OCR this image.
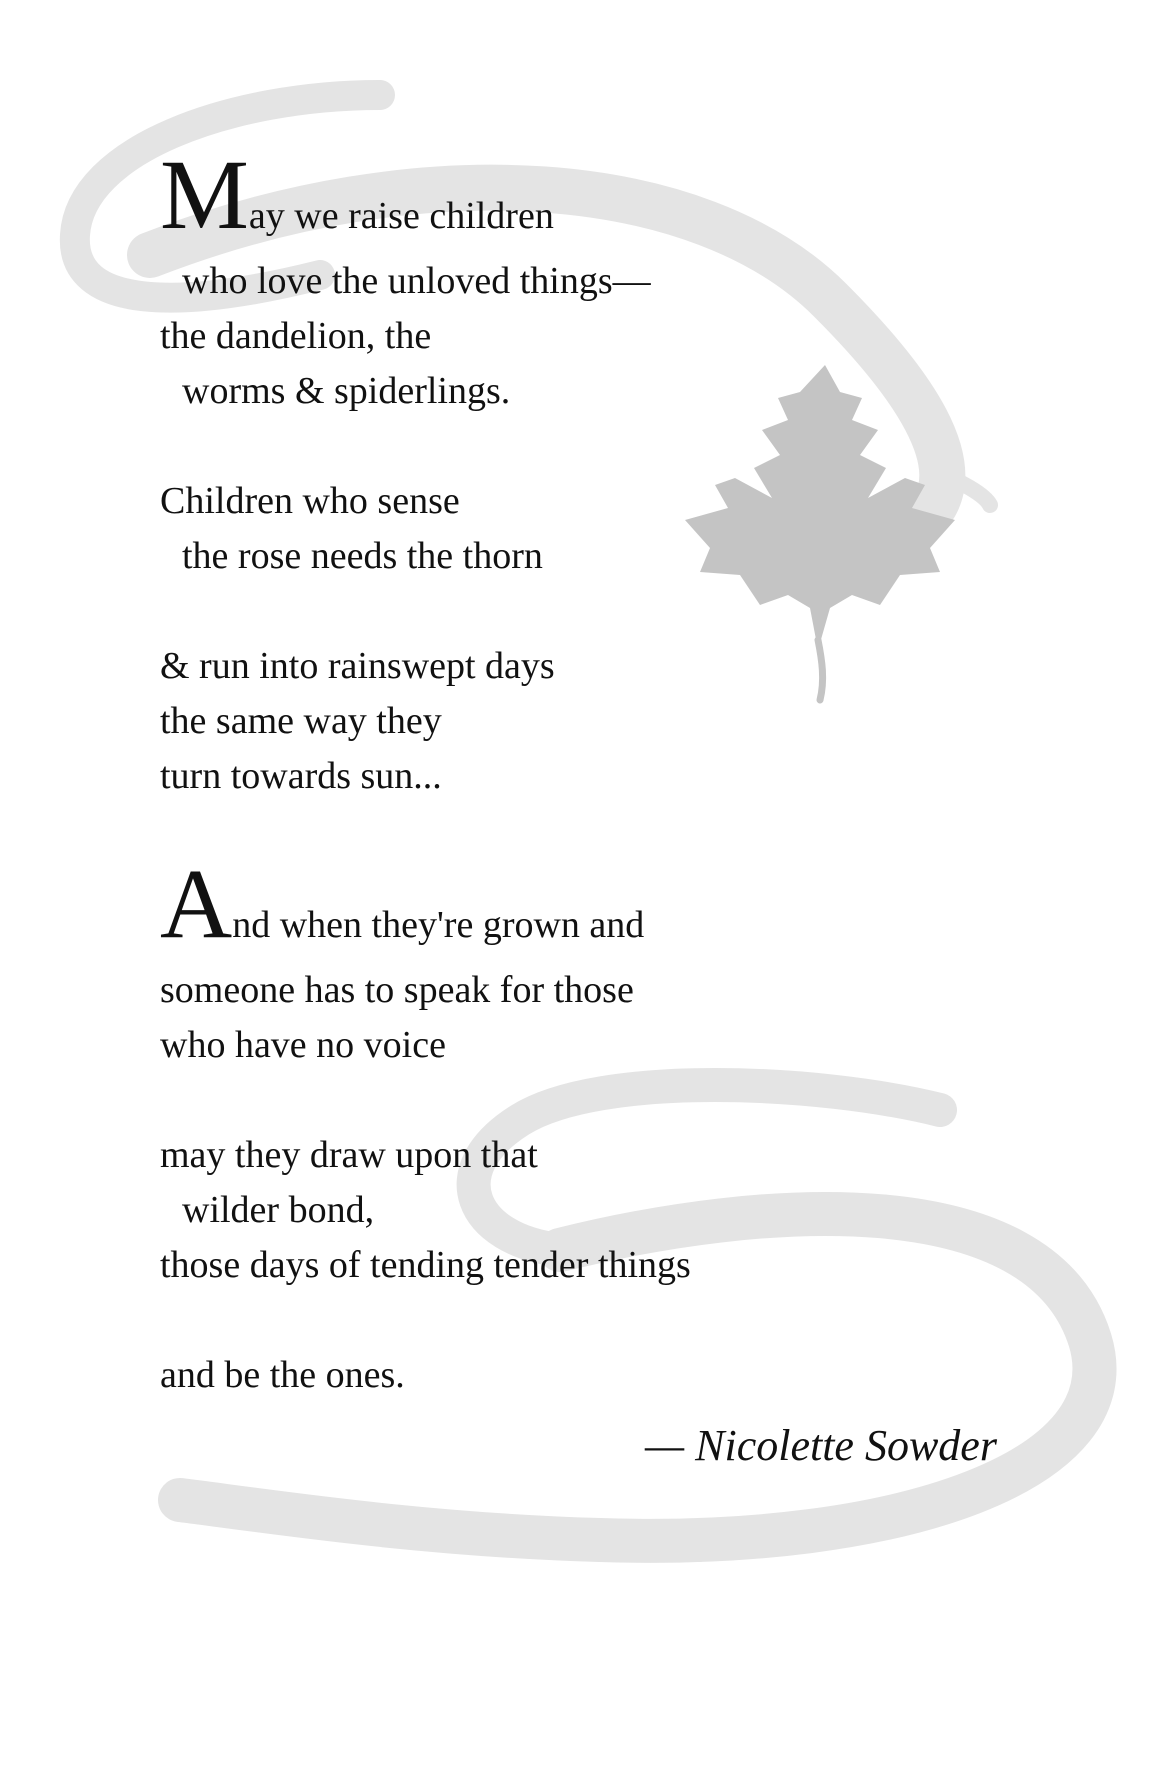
May we raise children
who love the unloved things—
the dandelion, the
worms & spiderlings.
Children who sense
the rose needs the thorn
& run into rainswept days
the same way they
turn towards sun...
And when they're grown and
someone has to speak for those
who have no voice
may they draw upon that
wilder bond,
those days of tending tender things
and be the ones.
— Nicolette Sowder
